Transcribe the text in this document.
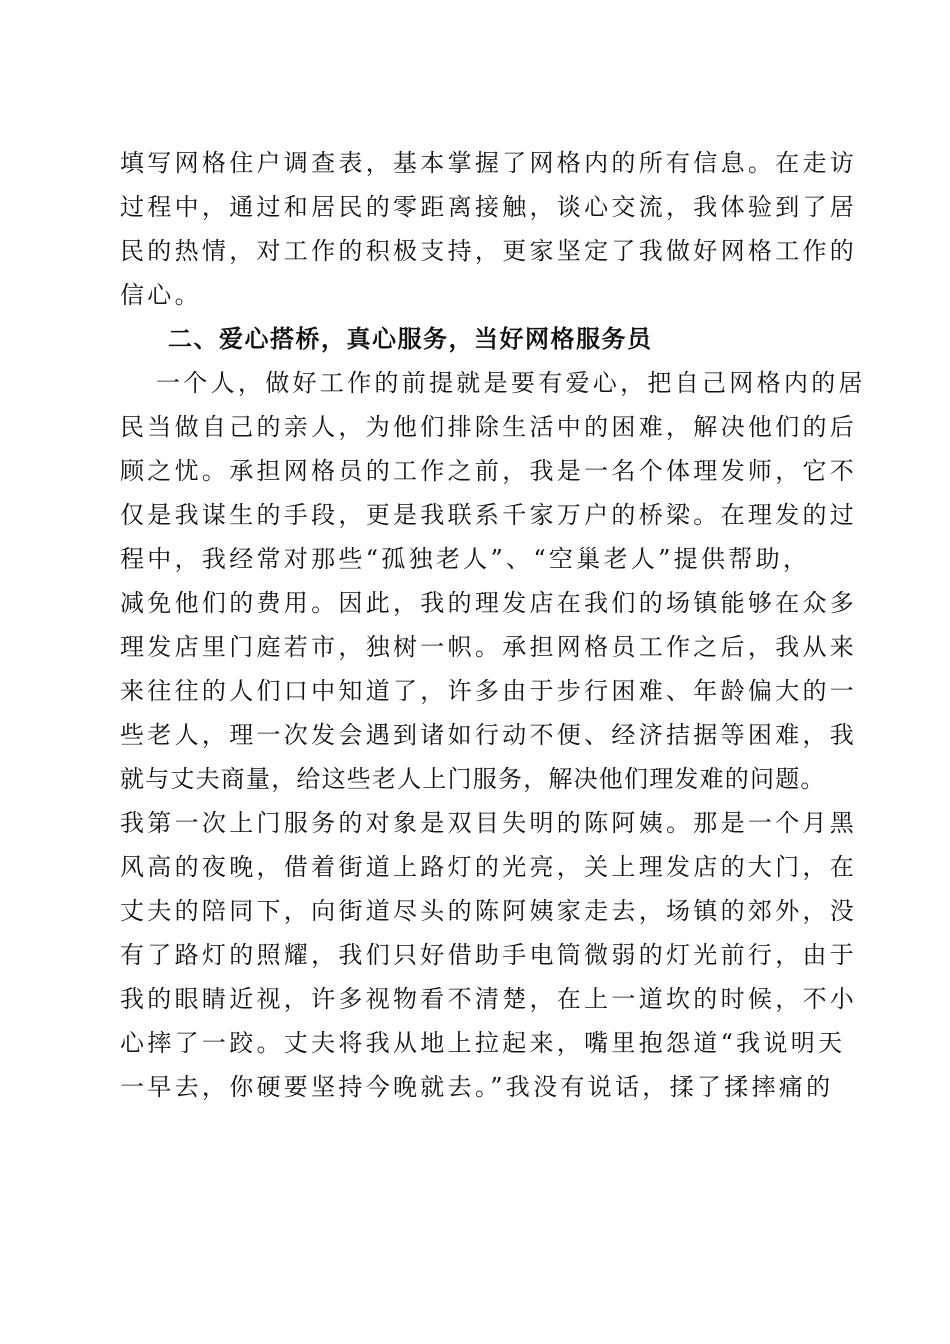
填写网格住户调查表，基本掌握了网格内的所有信息。在走访
过程中，通过和居民的零距离接触，谈心交流，我体验到了居
民的热情，对工作的积极支持，更家坚定了我做好网格工作的
信心。
二、爱心搭桥，真心服务，当好网格服务员
一个人，做好工作的前提就是要有爱心，把自己网格内的居
民当做自己的亲人，为他们排除生活中的困难，解决他们的后
顾之忧。承担网格员的工作之前，我是一名个体理发师，它不
仅是我谋生的手段，更是我联系千家万户的桥梁。在理发的过
程中，我经常对那些“孤独老人”、“空巢老人”提供帮助，
减免他们的费用。因此，我的理发店在我们的场镇能够在众多
理发店里门庭若市，独树一帜。承担网格员工作之后，我从来
来往往的人们口中知道了，许多由于步行困难、年龄偏大的一
些老人，理一次发会遇到诸如行动不便、经济拮据等困难，我
就与丈夫商量，给这些老人上门服务，解决他们理发难的问题。
我第一次上门服务的对象是双目失明的陈阿姨。那是一个月黑
风高的夜晚，借着街道上路灯的光亮，关上理发店的大门，在
丈夫的陪同下，向街道尽头的陈阿姨家走去，场镇的郊外，没
有了路灯的照耀，我们只好借助手电筒微弱的灯光前行，由于
我的眼睛近视，许多视物看不清楚，在上一道坎的时候，不小
心摔了一跤。丈夫将我从地上拉起来，嘴里抱怨道“我说明天
一早去，你硬要坚持今晚就去。”我没有说话，揉了揉摔痛的
